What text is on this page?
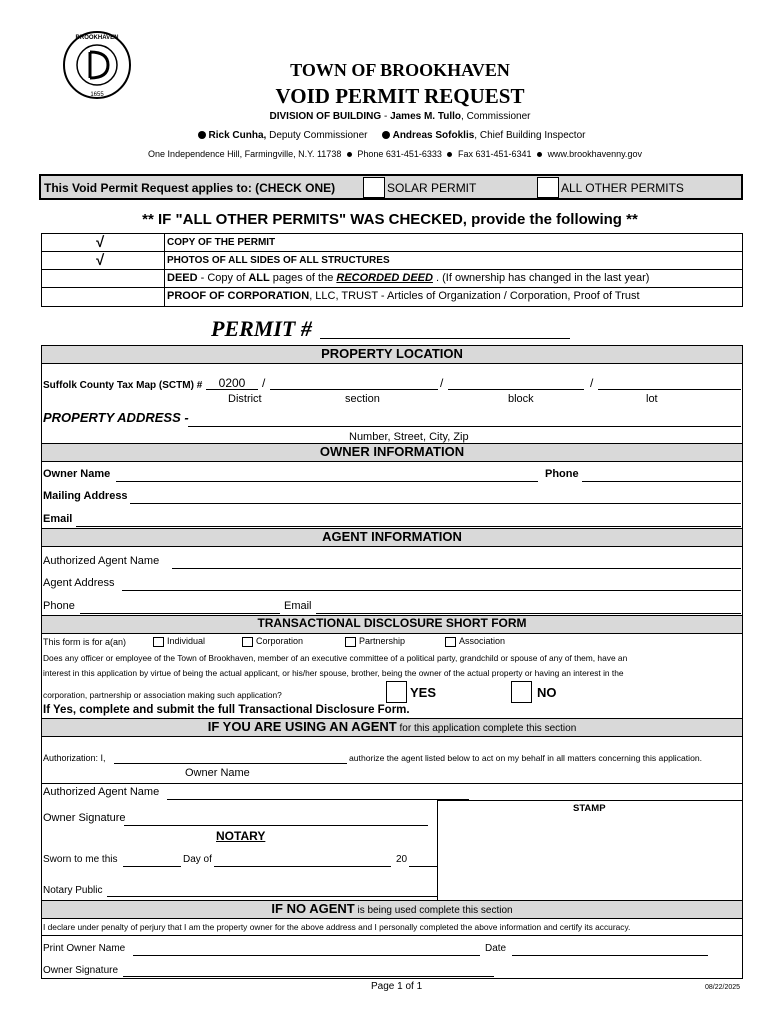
BROOKHAVEN
1655
TOWN OF BROOKHAVEN
VOID PERMIT REQUEST
DIVISION OF BUILDING - James M. Tullo, Commissioner
Rick Cunha, Deputy Commissioner	Andreas Sofoklis, Chief Building Inspector
One Independence Hill, Farmingville, N.Y. 11738 Phone 631-451-6333 Fax 631-451-6341 www.brookhavenny.gov
This Void Permit Request applies to: (CHECK ONE)	SOLAR PERMIT	ALL OTHER PERMITS
** IF "ALL OTHER PERMITS" WAS CHECKED, provide the following **
√	COPY OF THE PERMIT
√	PHOTOS OF ALL SIDES OF ALL STRUCTURES
DEED - Copy of ALL pages of the RECORDED DEED . (If ownership has changed in the last year)
PROOF OF CORPORATION, LLC, TRUST - Articles of Organization / Corporation, Proof of Trust
PERMIT #
PROPERTY LOCATION
Suffolk County Tax Map (SCTM) #	0200	/	/	/
District	section	block	lot
PROPERTY ADDRESS -
Number, Street, City, Zip
OWNER INFORMATION
Owner Name	Phone
Mailing Address
Email
AGENT INFORMATION
Authorized Agent Name
Agent Address
Phone	Email
TRANSACTIONAL DISCLOSURE SHORT FORM
This form is for a(an)	Individual	Corporation	Partnership	Association
Does any officer or employee of the Town of Brookhaven, member of an executive committee of a political party, grandchild or spouse of any of them, have an
interest in this application by virtue of being the actual applicant, or his/her spouse, brother, being the owner of the actual property or having an interest in the
corporation, partnership or association making such application?	YES	NO
If Yes, complete and submit the full Transactional Disclosure Form.
IF YOU ARE USING AN AGENT for this application complete this section
Authorization: I,	authorize the agent listed below to act on my behalf in all matters concerning this application.
Owner Name
Authorized Agent Name
STAMP
Owner Signature
NOTARY
Sworn to me this	Day of	20
Notary Public
IF NO AGENT is being used complete this section
I declare under penalty of perjury that I am the property owner for the above address and I personally completed the above information and certify its accuracy.
Print Owner Name	Date
Owner Signature
Page 1 of 1	08/22/2025
